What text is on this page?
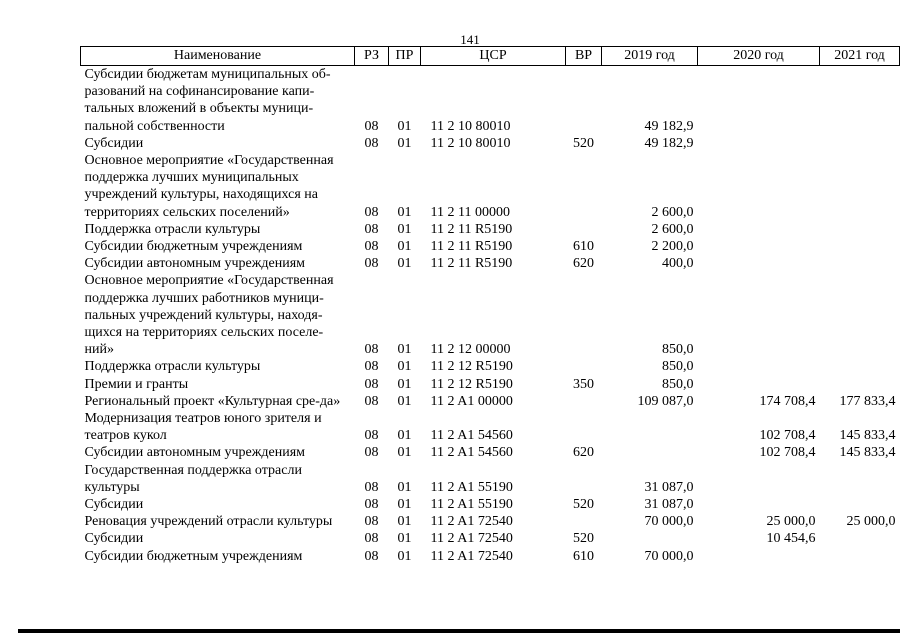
141
Наименование	РЗ	ПР	ЦСР	ВР	2019 год	2020 год	2021 год
Субсидии бюджетам муниципальных об-разований на софинансирование капи-тальных вложений в объекты муници-пальной собственности	08	01	11 2 10 80010		49 182,9		
Субсидии	08	01	11 2 10 80010	520	49 182,9		
Основное мероприятие «Государственная поддержка лучших муниципальных учреждений культуры, находящихся на территориях сельских поселений»	08	01	11 2 11 00000		2 600,0		
Поддержка отрасли культуры	08	01	11 2 11 R5190		2 600,0		
Субсидии бюджетным учреждениям	08	01	11 2 11 R5190	610	2 200,0		
Субсидии автономным учреждениям	08	01	11 2 11 R5190	620	400,0		
Основное мероприятие «Государственная поддержка лучших работников муници-пальных учреждений культуры, находя-щихся на территориях сельских поселе-ний»	08	01	11 2 12 00000		850,0		
Поддержка отрасли культуры	08	01	11 2 12 R5190		850,0		
Премии и гранты	08	01	11 2 12 R5190	350	850,0		
Региональный проект «Культурная сре-да»	08	01	11 2 A1 00000		109 087,0	174 708,4	177 833,4
Модернизация театров юного зрителя и театров кукол	08	01	11 2 A1 54560			102 708,4	145 833,4
Субсидии автономным учреждениям	08	01	11 2 A1 54560	620		102 708,4	145 833,4
Государственная поддержка отрасли культуры	08	01	11 2 A1 55190		31 087,0		
Субсидии	08	01	11 2 A1 55190	520	31 087,0		
Реновация учреждений отрасли культуры	08	01	11 2 A1 72540		70 000,0	25 000,0	25 000,0
Субсидии	08	01	11 2 A1 72540	520		10 454,6	
Субсидии бюджетным учреждениям	08	01	11 2 A1 72540	610	70 000,0		
